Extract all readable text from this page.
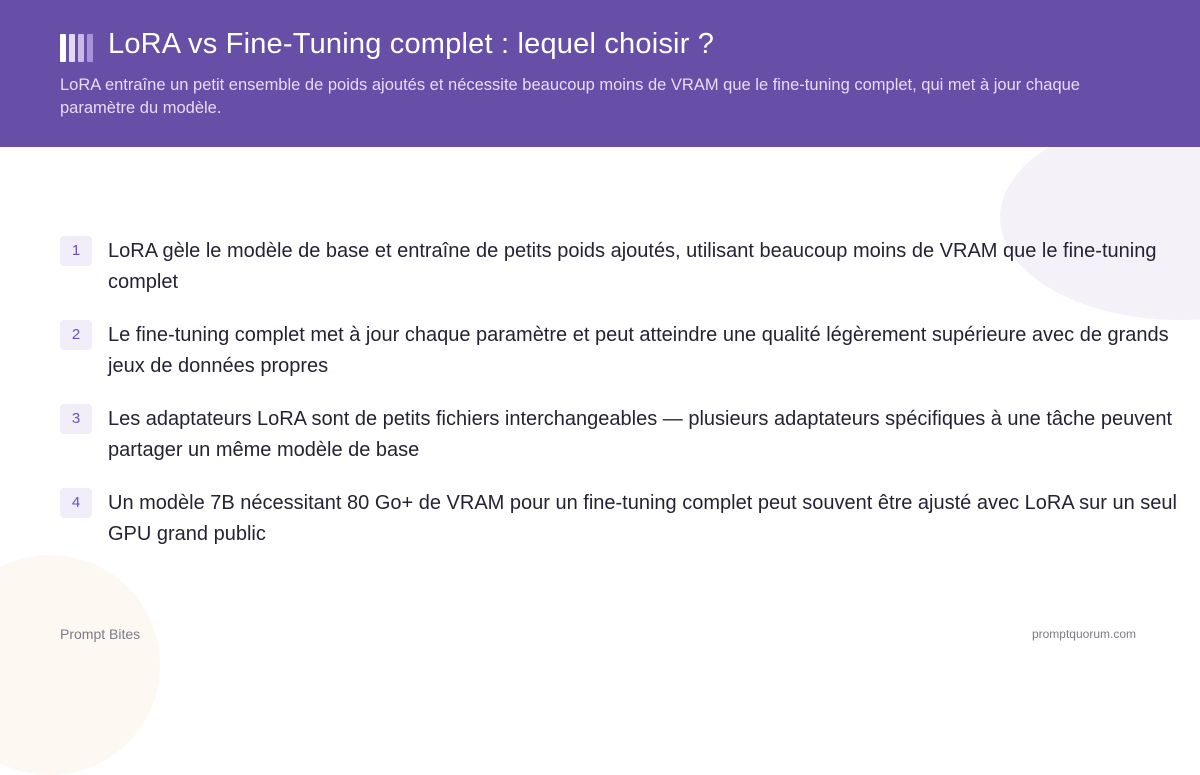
LoRA vs Fine-Tuning complet : lequel choisir ?

LoRA entraîne un petit ensemble de poids ajoutés et nécessite beaucoup moins de VRAM que le fine-tuning complet, qui met à jour chaque paramètre du modèle.

1	LoRA gèle le modèle de base et entraîne de petits poids ajoutés, utilisant beaucoup moins de VRAM que le fine-tuning complet

2	Le fine-tuning complet met à jour chaque paramètre et peut atteindre une qualité légèrement supérieure avec de grands jeux de données propres

3	Les adaptateurs LoRA sont de petits fichiers interchangeables — plusieurs adaptateurs spécifiques à une tâche peuvent partager un même modèle de base

4	Un modèle 7B nécessitant 80 Go+ de VRAM pour un fine-tuning complet peut souvent être ajusté avec LoRA sur un seul GPU grand public

Prompt Bites	promptquorum.com
